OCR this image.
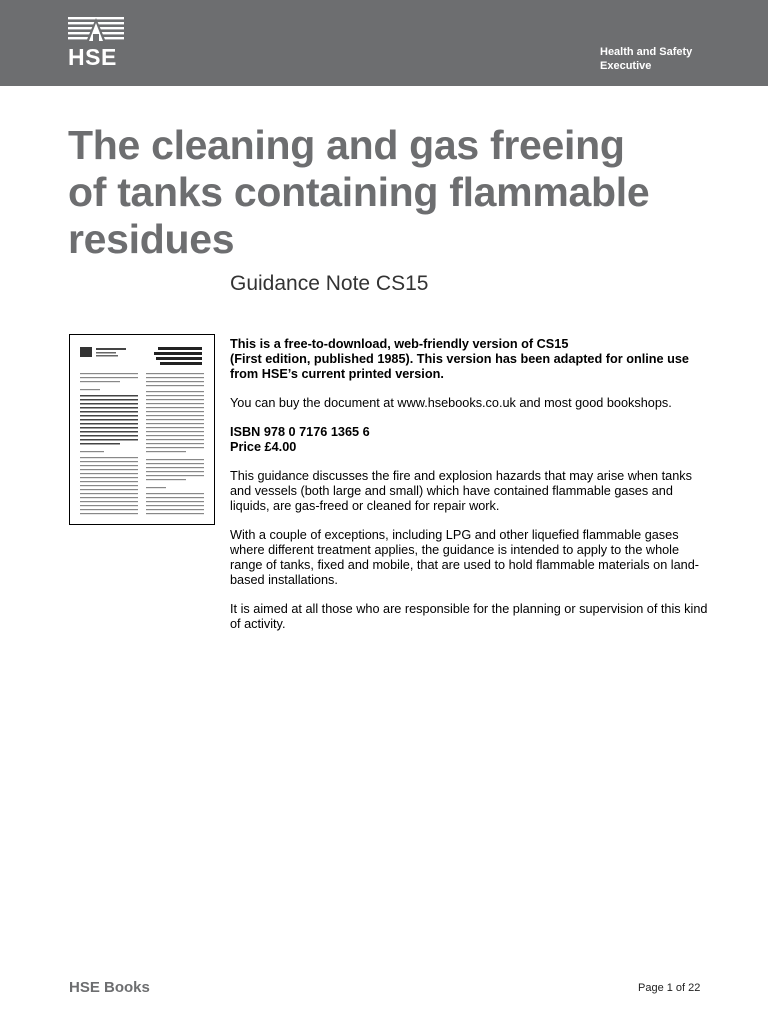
HSE	Health and Safety
Executive
The cleaning and gas freeing
of tanks containing flammable
residues
Guidance Note CS15

This is a free-to-download, web-friendly version of CS15
(First edition, published 1985). This version has been adapted for online use
from HSE’s current printed version.

You can buy the document at www.hsebooks.co.uk and most good bookshops.

ISBN 978 0 7176 1365 6
Price £4.00

This guidance discusses the fire and explosion hazards that may arise when tanks and vessels (both large and small) which have contained flammable gases and liquids, are gas-freed or cleaned for repair work.

With a couple of exceptions, including LPG and other liquefied flammable gases where different treatment applies, the guidance is intended to apply to the whole range of tanks, fixed and mobile, that are used to hold flammable materials on land-based installations.

It is aimed at all those who are responsible for the planning or supervision of this kind of activity.

HSE Books	Page 1 of 22
